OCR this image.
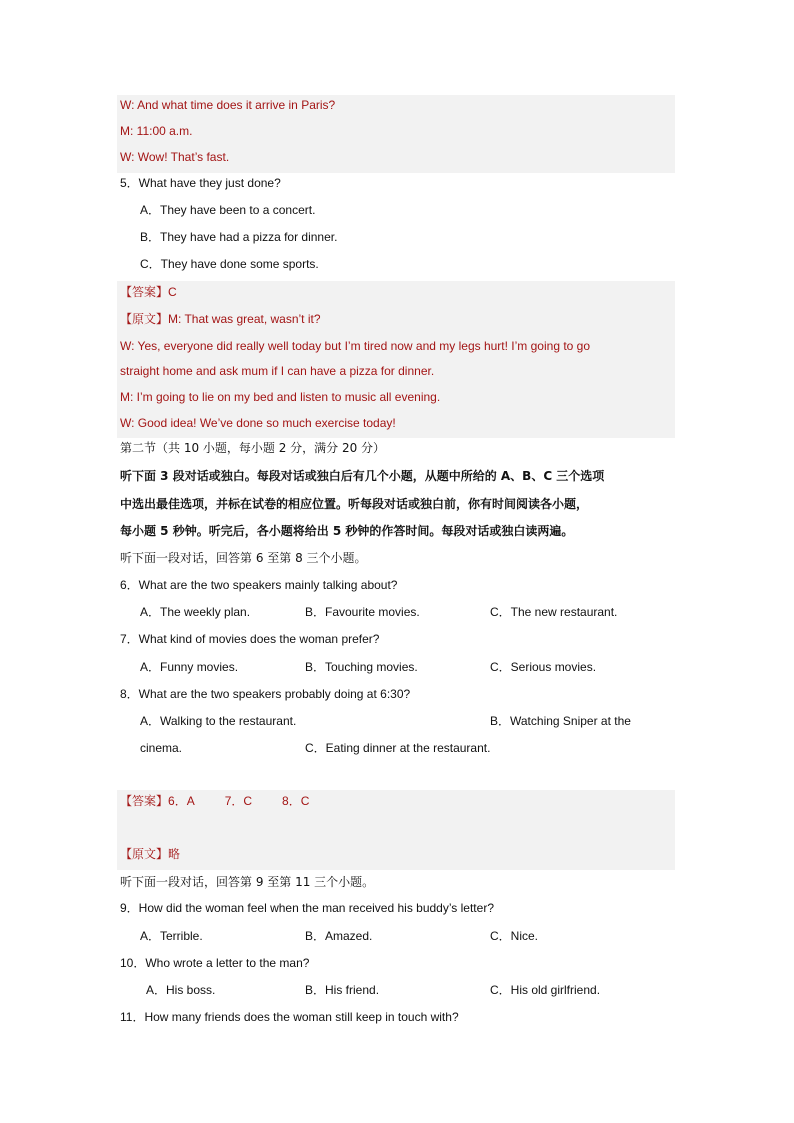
W: And what time does it arrive in Paris?
M: 11:00 a.m.
W: Wow! That’s fast.
5．What have they just done?
A．They have been to a concert.
B．They have had a pizza for dinner.
C．They have done some sports.
【答案】C
【原文】M: That was great, wasn’t it?
W: Yes, everyone did really well today but I’m tired now and my legs hurt! I’m going to go
straight home and ask mum if I can have a pizza for dinner.
M: I’m going to lie on my bed and listen to music all evening.
W: Good idea! We’ve done so much exercise today!
第二节（共 10 小题，每小题 2 分，满分 20 分）
听下面 3 段对话或独白。每段对话或独白后有几个小题，从题中所给的 A、B、C 三个选项
中选出最佳选项，并标在试卷的相应位置。听每段对话或独白前，你有时间阅读各小题，
每小题 5 秒钟。听完后，各小题将给出 5 秒钟的作答时间。每段对话或独白读两遍。
听下面一段对话，回答第 6 至第 8 三个小题。
6．What are the two speakers mainly talking about?
A．The weekly plan.	B．Favourite movies.	C．The new restaurant.
7．What kind of movies does the woman prefer?
A．Funny movies.	B．Touching movies.	C．Serious movies.
8．What are the two speakers probably doing at 6:30?
A．Walking to the restaurant.	B．Watching Sniper at the
cinema.	C．Eating dinner at the restaurant.
【答案】6．A	7．C	8．C
【原文】略
听下面一段对话，回答第 9 至第 11 三个小题。
9．How did the woman feel when the man received his buddy’s letter?
A．Terrible.	B．Amazed.	C．Nice.
10．Who wrote a letter to the man?
A．His boss.	B．His friend.	C．His old girlfriend.
11．How many friends does the woman still keep in touch with?
